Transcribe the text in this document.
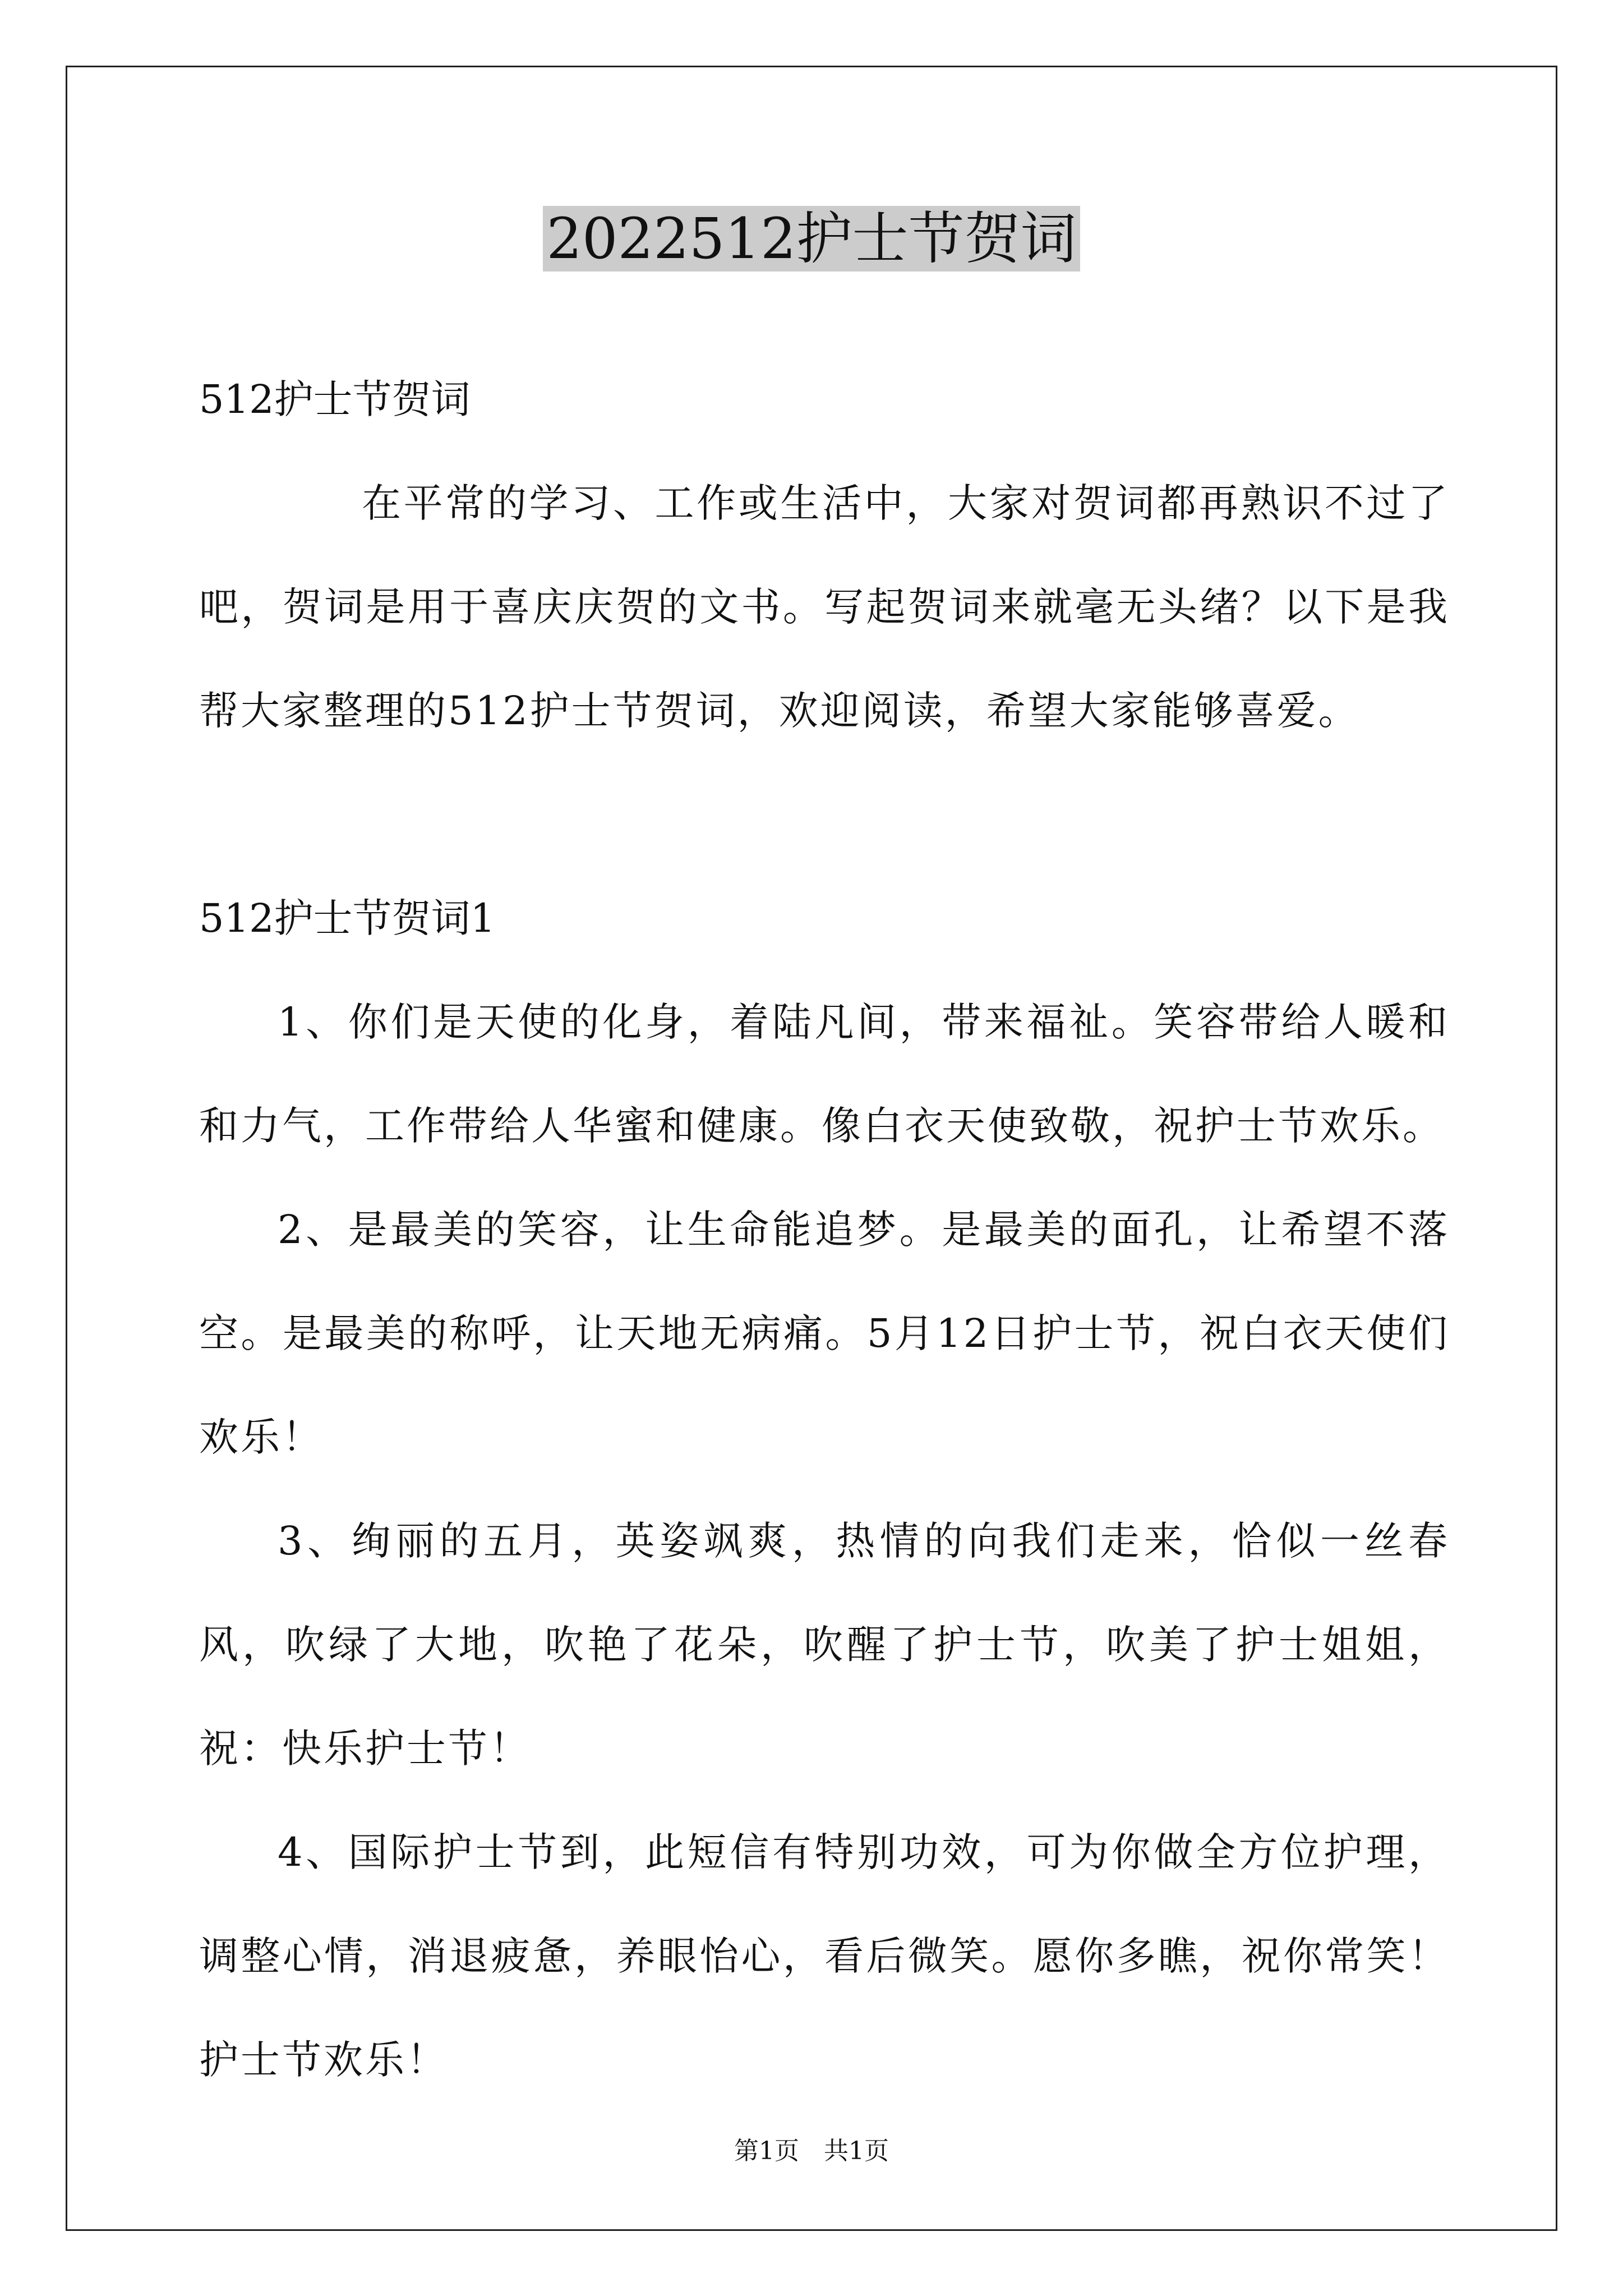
2022512护士节贺词

512护士节贺词

在平常的学习、工作或生活中，大家对贺词都再熟识不过了吧，贺词是用于喜庆庆贺的文书。写起贺词来就毫无头绪？以下是我帮大家整理的512护士节贺词，欢迎阅读，希望大家能够喜爱。

512护士节贺词1

1、你们是天使的化身，着陆凡间，带来福祉。笑容带给人暖和和力气，工作带给人华蜜和健康。像白衣天使致敬，祝护士节欢乐。

2、是最美的笑容，让生命能追梦。是最美的面孔，让希望不落空。是最美的称呼，让天地无病痛。5月12日护士节，祝白衣天使们欢乐！

3、绚丽的五月，英姿飒爽，热情的向我们走来，恰似一丝春风，吹绿了大地，吹艳了花朵，吹醒了护士节，吹美了护士姐姐，祝：快乐护士节！

4、国际护士节到，此短信有特别功效，可为你做全方位护理，调整心情，消退疲惫，养眼怡心，看后微笑。愿你多瞧，祝你常笑！护士节欢乐！

第1页　共1页
